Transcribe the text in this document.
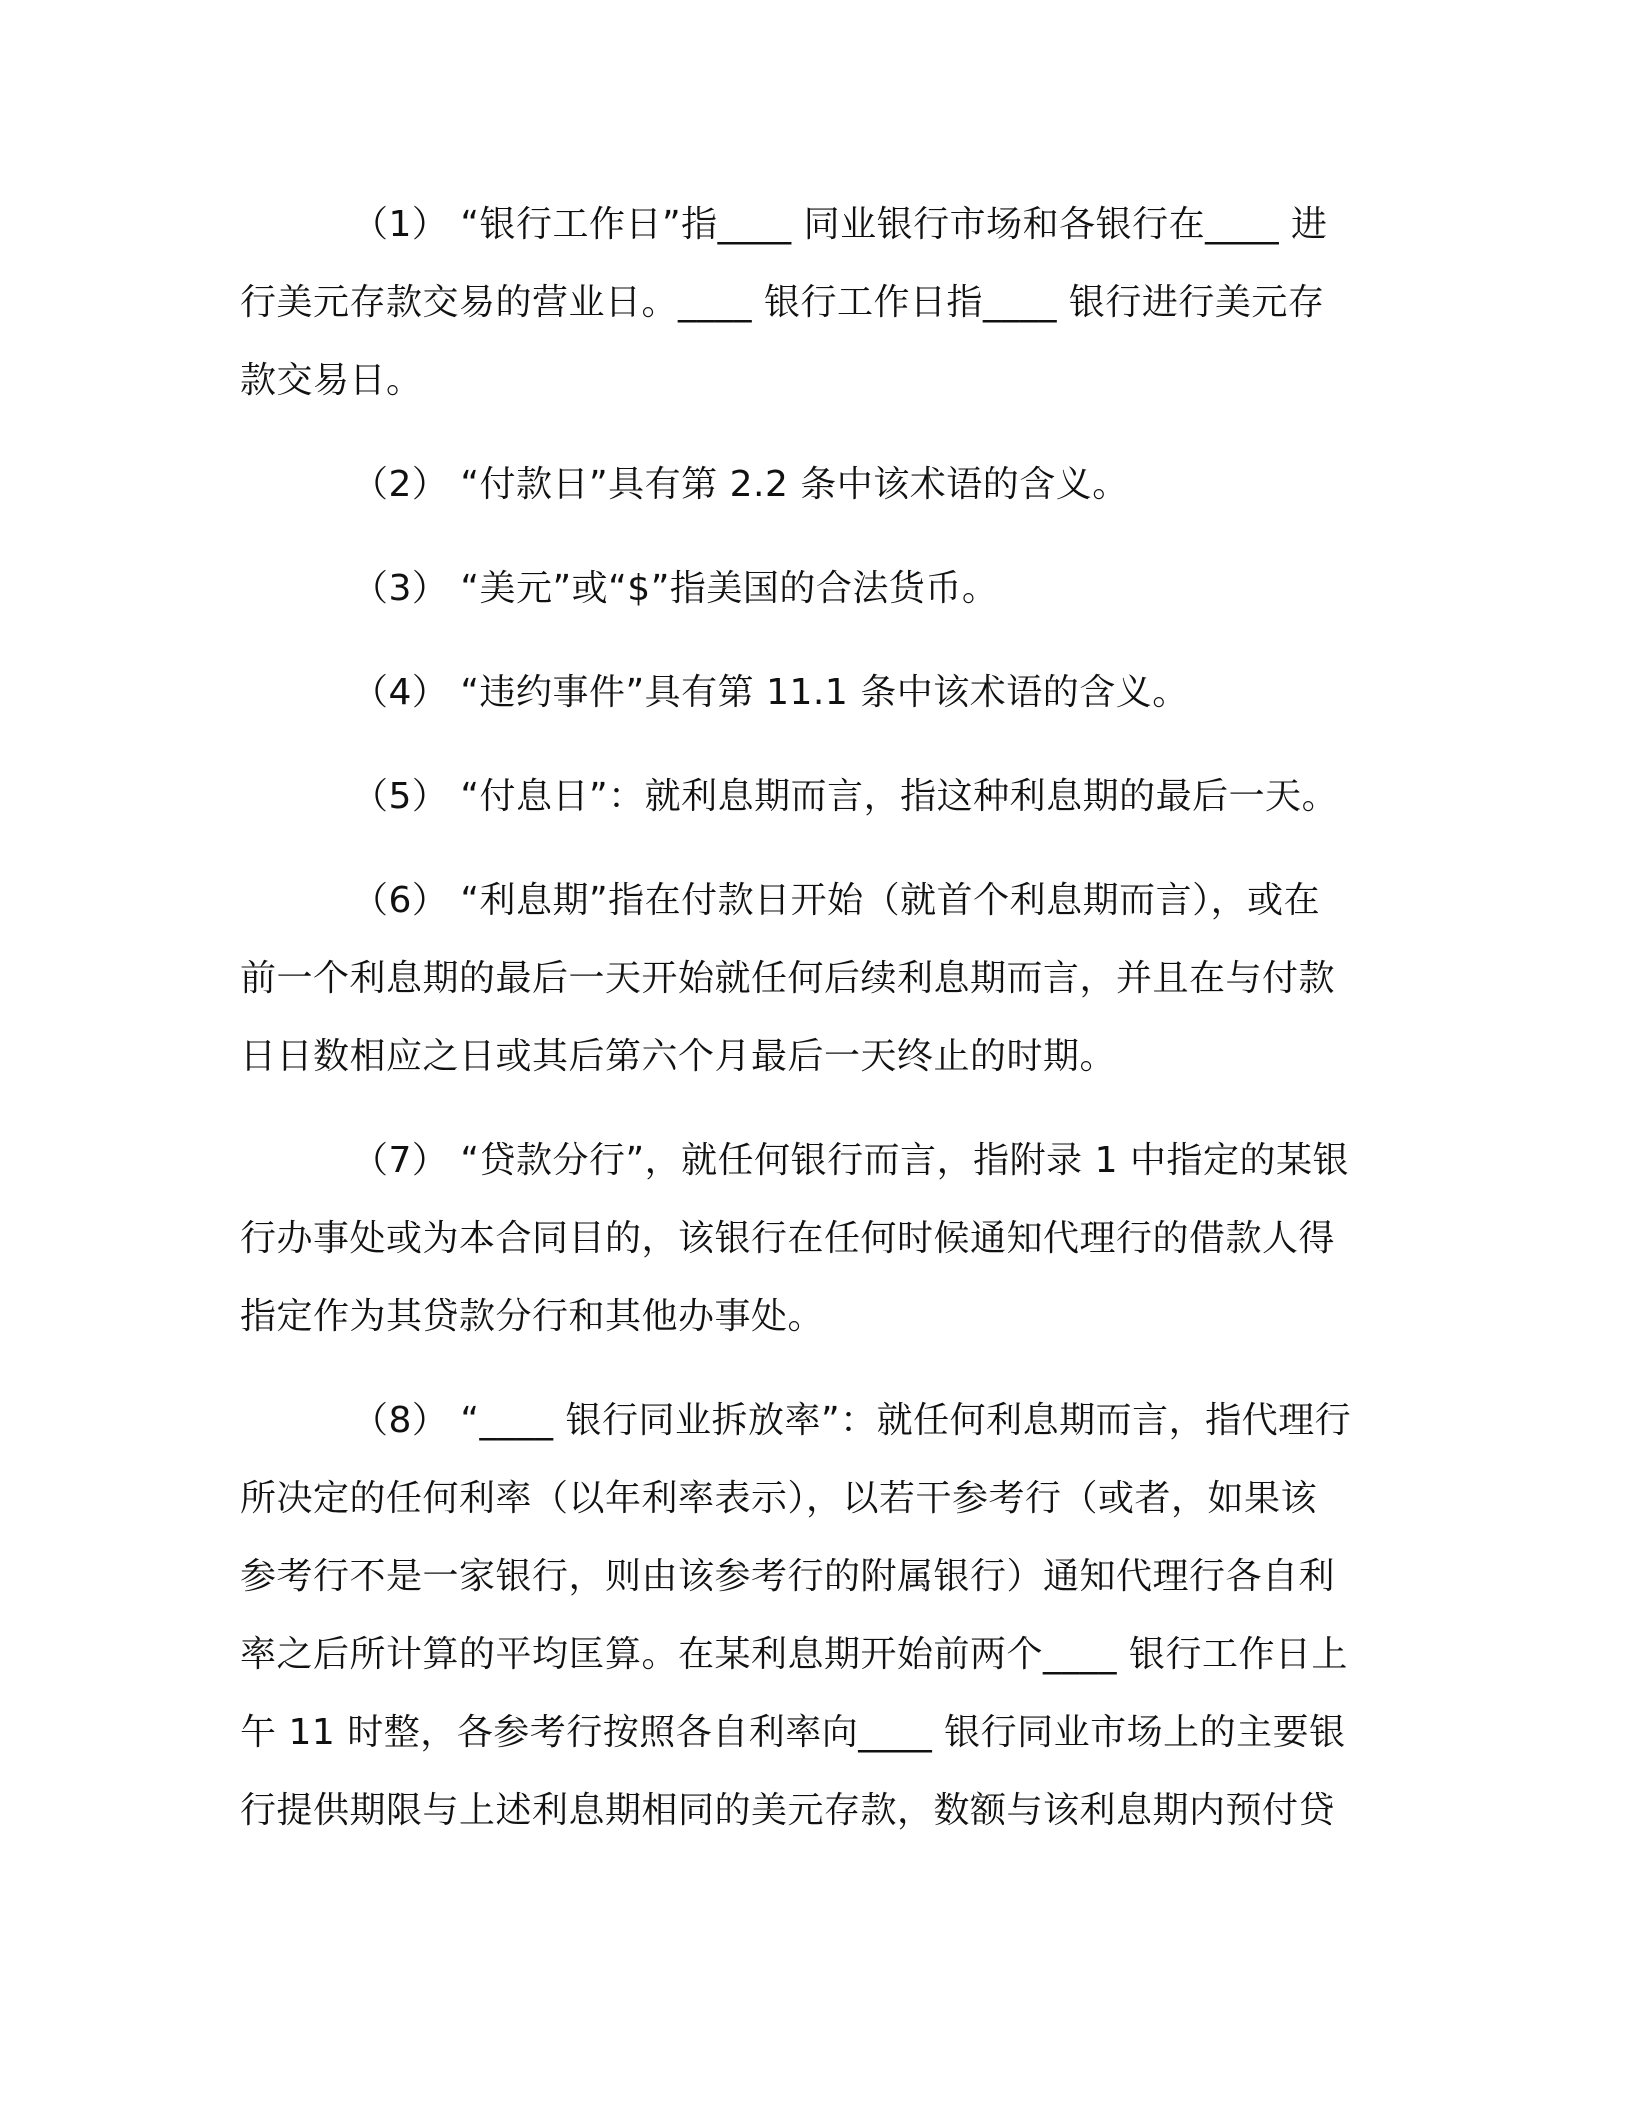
（1） “银行工作日”指____ 同业银行市场和各银行在____ 进
行美元存款交易的营业日。____ 银行工作日指____ 银行进行美元存
款交易日。
（2） “付款日”具有第 2.2 条中该术语的含义。
（3） “美元”或“$”指美国的合法货币。
（4） “违约事件”具有第 11.1 条中该术语的含义。
（5） “付息日”：就利息期而言，指这种利息期的最后一天。
（6） “利息期”指在付款日开始（就首个利息期而言），或在
前一个利息期的最后一天开始就任何后续利息期而言，并且在与付款
日日数相应之日或其后第六个月最后一天终止的时期。
（7） “贷款分行”，就任何银行而言，指附录 1 中指定的某银
行办事处或为本合同目的，该银行在任何时候通知代理行的借款人得
指定作为其贷款分行和其他办事处。
（8） “____ 银行同业拆放率”：就任何利息期而言，指代理行
所决定的任何利率（以年利率表示），以若干参考行（或者，如果该
参考行不是一家银行，则由该参考行的附属银行）通知代理行各自利
率之后所计算的平均匡算。在某利息期开始前两个____ 银行工作日上
午 11 时整，各参考行按照各自利率向____ 银行同业市场上的主要银
行提供期限与上述利息期相同的美元存款，数额与该利息期内预付贷
